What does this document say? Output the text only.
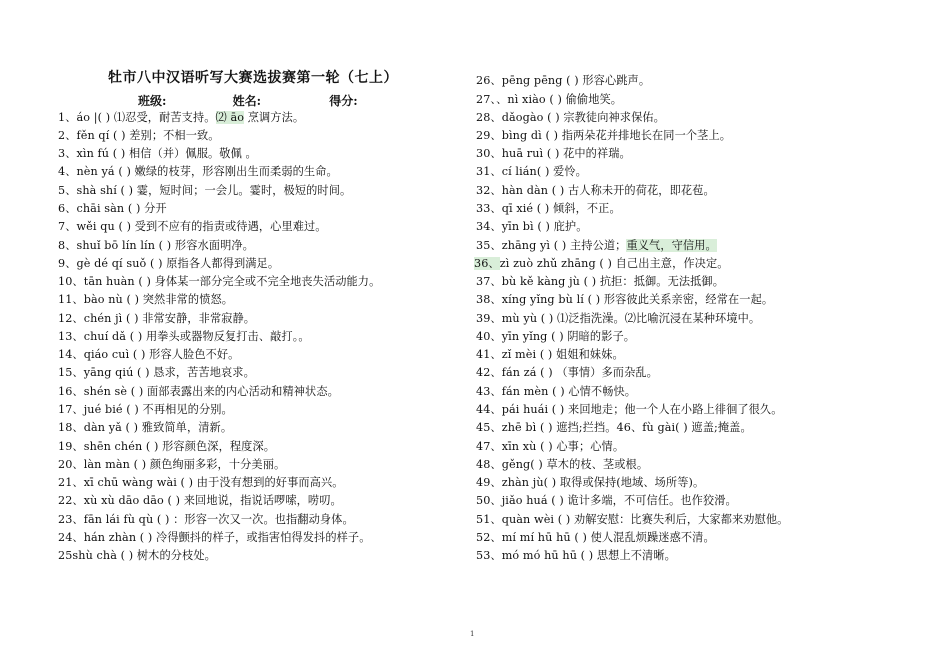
牡市八中汉语听写大赛选拔赛第一轮（七上）
班级:	姓名:	得分:
1、áo |( ) ⑴忍受，耐苦支持。⑵ āo 烹调方法。
2、fěn qí ( ) 差别；不相一致。
3、xìn fú ( ) 相信（并）佩服。敬佩 。
4、nèn yá ( ) 嫩绿的枝芽，形容刚出生而柔弱的生命。
5、shà shí ( ) 霎，短时间；一会儿。霎时，极短的时间。
6、chāi sàn ( ) 分开
7、wěi qu ( ) 受到不应有的指责或待遇，心里难过。
8、shuǐ bō lín lín ( ) 形容水面明净。
9、gè dé qí suǒ ( ) 原指各人都得到满足。
10、tān huàn ( ) 身体某一部分完全或不完全地丧失活动能力。
11、bào nù ( ) 突然非常的愤怒。
12、chén jì ( ) 非常安静，非常寂静。
13、chuí dǎ ( ) 用拳头或器物反复打击、敲打。。
14、qiáo cuì ( ) 形容人脸色不好。
15、yāng qiú ( ) 恳求，苦苦地哀求。
16、shén sè ( ) 面部表露出来的内心活动和精神状态。
17、jué bié ( ) 不再相见的分别。
18、dàn yǎ ( ) 雅致简单，清新。
19、shēn chén ( ) 形容颜色深，程度深。
20、làn màn ( ) 颜色绚丽多彩，十分美丽。
21、xī chū wàng wài ( ) 由于没有想到的好事而高兴。
22、xù xù dāo dāo ( ) 来回地说，指说话啰嗦，唠叨。
23、fān lái fù qù ( ) ：形容一次又一次。也指翻动身体。
24、hán zhàn ( ) 冷得颤抖的样子，或指害怕得发抖的样子。
25shù chà ( ) 树木的分枝处。
26、pēng pēng ( ) 形容心跳声。
27、、nì xiào ( ) 偷偷地笑。
28、dǎogào ( ) 宗教徒向神求保佑。
29、bìng dì ( ) 指两朵花并排地长在同一个茎上。
30、huā ruì ( ) 花中的祥瑞。
31、cí lián( ) 爱怜。
32、hàn dàn ( ) 古人称未开的荷花，即花苞。
33、qī xié ( ) 倾斜，不正。
34、yīn bì ( ) 庇护。
35、zhāng yì ( ) 主持公道；重义气，守信用。
36、zì zuò zhǔ zhāng ( ) 自己出主意，作决定。
37、bù kě kàng jù ( ) 抗拒：抵御。无法抵御。
38、xíng yǐng bù lí ( ) 形容彼此关系亲密，经常在一起。
39、mù yù ( ) ⑴泛指洗澡。⑵比喻沉浸在某种环境中。
40、yīn yǐng ( ) 阴暗的影子。
41、zǐ mèi ( ) 姐姐和妹妹。
42、fán zá ( ) （事情）多而杂乱。
43、fán mèn ( ) 心情不畅快。
44、pái huái ( ) 来回地走；他一个人在小路上徘徊了很久。
45、zhē bì ( ) 遮挡;拦挡。46、fù gài( ) 遮盖;掩盖。
47、xīn xù ( ) 心事；心情。
48、gěng( ) 草木的枝、茎或根。
49、zhàn jù( ) 取得或保持(地域、场所等)。
50、jiǎo huá ( ) 诡计多端，不可信任。也作狡滑。
51、quàn wèi ( ) 劝解安慰：比赛失利后，大家都来劝慰他。
52、mí mí hū hū ( ) 使人混乱烦躁迷惑不清。
53、mó mó hū hū ( ) 思想上不清晰。
1
